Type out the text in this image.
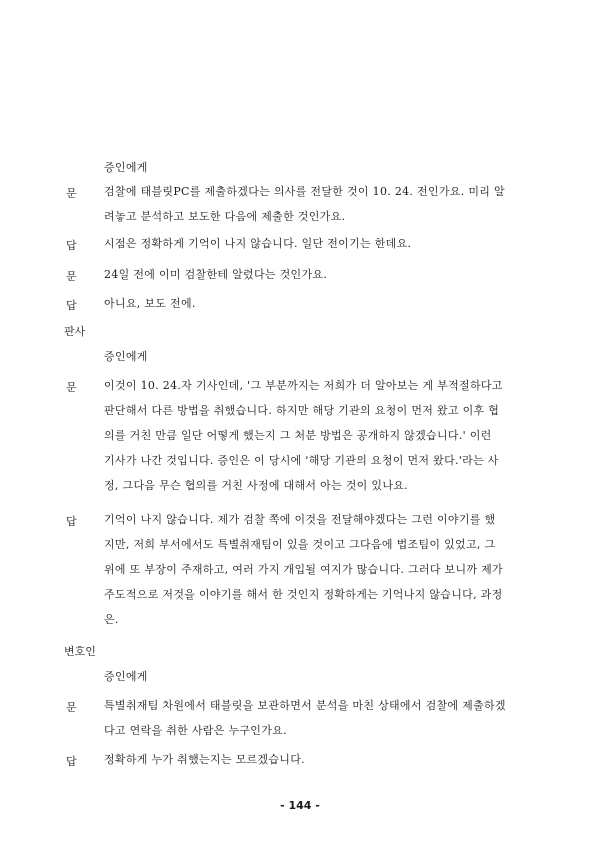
증인에게
문 검찰에 태블릿PC를 제출하겠다는 의사를 전달한 것이 10. 24. 전인가요. 미리 알
려놓고 분석하고 보도한 다음에 제출한 것인가요.
답 시점은 정확하게 기억이 나지 않습니다. 일단 전이기는 한데요.
문 24일 전에 이미 검찰한테 알렸다는 것인가요.
답 아니요, 보도 전에.
판사
증인에게
문 이것이 10. 24.자 기사인데, '그 부분까지는 저희가 더 알아보는 게 부적절하다고
판단해서 다른 방법을 취했습니다. 하지만 해당 기관의 요청이 먼저 왔고 이후 협
의를 거친 만큼 일단 어떻게 했는지 그 처분 방법은 공개하지 않겠습니다.' 이런
기사가 나간 것입니다. 증인은 이 당시에 '해당 기관의 요청이 먼저 왔다.'라는 사
정, 그다음 무슨 협의를 거친 사정에 대해서 아는 것이 있나요.
답 기억이 나지 않습니다. 제가 검찰 쪽에 이것을 전달해야겠다는 그런 이야기를 했
지만, 저희 부서에서도 특별취재팀이 있을 것이고 그다음에 법조팀이 있었고, 그
위에 또 부장이 주재하고, 여러 가지 개입될 여지가 많습니다. 그러다 보니까 제가
주도적으로 저것을 이야기를 해서 한 것인지 정확하게는 기억나지 않습니다, 과정
은.
변호인
증인에게
문 특별취재팀 차원에서 태블릿을 보관하면서 분석을 마친 상태에서 검찰에 제출하겠
다고 연락을 취한 사람은 누구인가요.
답 정확하게 누가 취했는지는 모르겠습니다.
- 144 -
